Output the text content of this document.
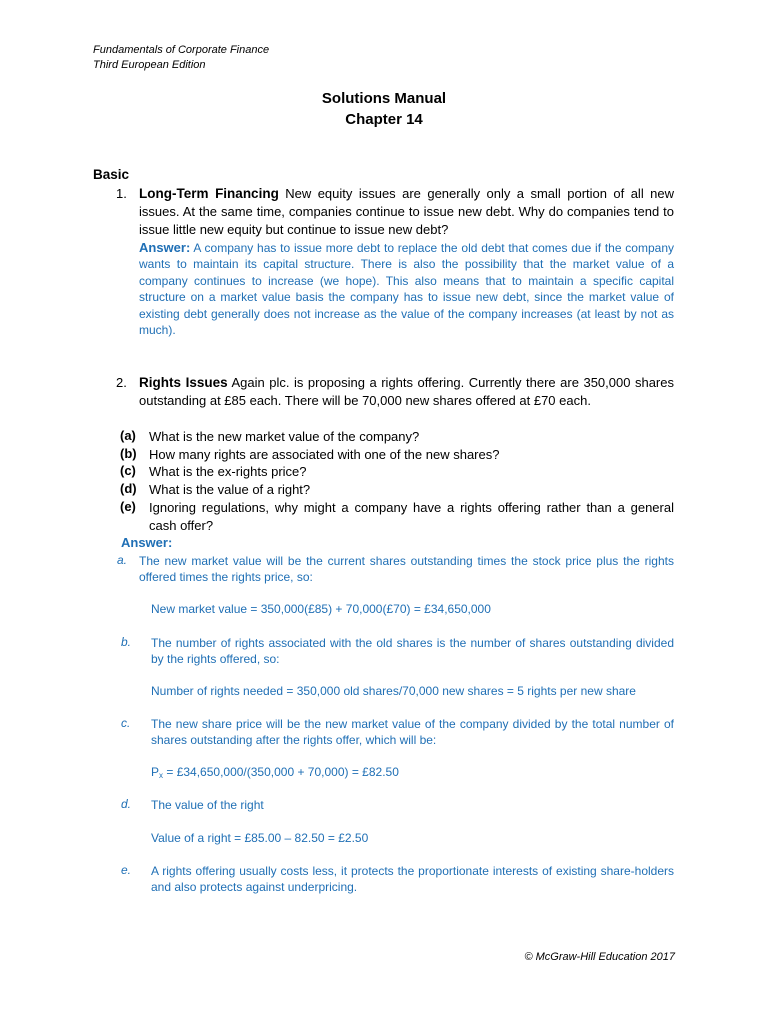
Fundamentals of Corporate Finance
Third European Edition
Solutions Manual
Chapter 14
Basic
1. Long-Term Financing New equity issues are generally only a small portion of all new issues. At the same time, companies continue to issue new debt. Why do companies tend to issue little new equity but continue to issue new debt?
Answer: A company has to issue more debt to replace the old debt that comes due if the company wants to maintain its capital structure. There is also the possibility that the market value of a company continues to increase (we hope). This also means that to maintain a specific capital structure on a market value basis the company has to issue new debt, since the market value of existing debt generally does not increase as the value of the company increases (at least by not as much).
2. Rights Issues Again plc. is proposing a rights offering. Currently there are 350,000 shares outstanding at £85 each. There will be 70,000 new shares offered at £70 each.
(a) What is the new market value of the company?
(b) How many rights are associated with one of the new shares?
(c) What is the ex-rights price?
(d) What is the value of a right?
(e) Ignoring regulations, why might a company have a rights offering rather than a general cash offer?
Answer:
a. The new market value will be the current shares outstanding times the stock price plus the rights offered times the rights price, so:
New market value = 350,000(£85) + 70,000(£70) = £34,650,000
b. The number of rights associated with the old shares is the number of shares outstanding divided by the rights offered, so:
Number of rights needed = 350,000 old shares/70,000 new shares = 5 rights per new share
c. The new share price will be the new market value of the company divided by the total number of shares outstanding after the rights offer, which will be:
$P_x$ = £34,650,000/(350,000 + 70,000) = £82.50
d. The value of the right
Value of a right = £85.00 – 82.50 = £2.50
e. A rights offering usually costs less, it protects the proportionate interests of existing share-holders and also protects against underpricing.
© McGraw-Hill Education 2017
